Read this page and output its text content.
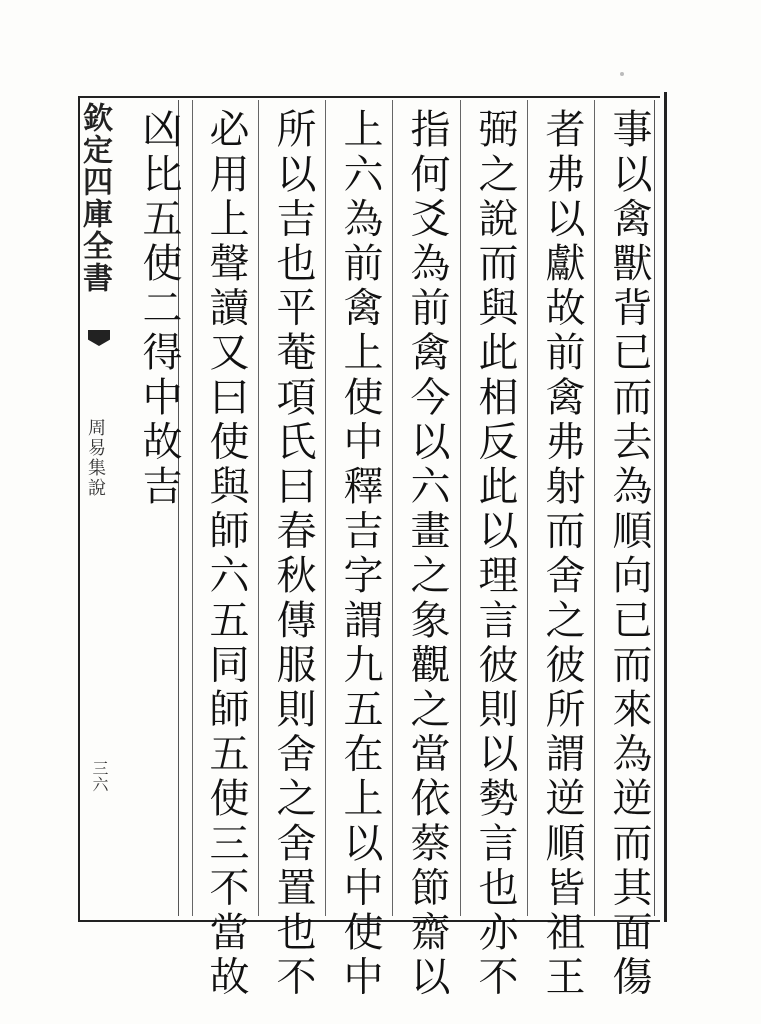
欽定四庫全書
周易集說
三六	事以禽獸背已而去為順向已而來為逆而其面傷
者弗以獻故前禽弗射而舍之彼所謂逆順皆祖王
弼之說而與此相反此以理言彼則以勢言也亦不
指何爻為前禽今以六畫之象觀之當依蔡節齋以
上六為前禽上使中釋吉字謂九五在上以中使中
所以吉也平菴項氏曰春秋傳服則舍之舍置也不
必用上聲讀又曰使與師六五同師五使三不當故
凶比五使二得中故吉
